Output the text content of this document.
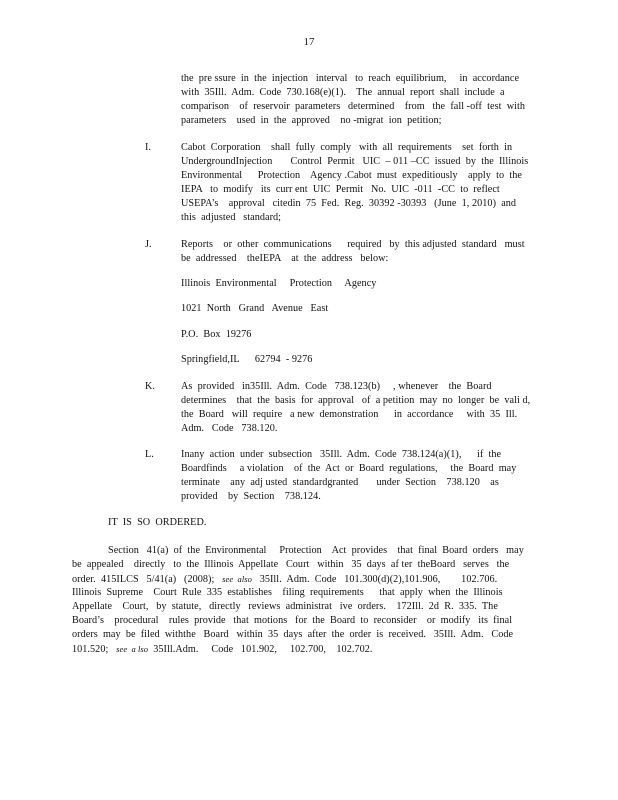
17
the  pre ssure  in  the  injection   interval   to  reach  equilibrium,     in  accordance
with  35Ill.  Adm.  Code  730.168(e)(1).    The  annual  report  shall  include  a
comparison    of  reservoir  parameters   determined    from   the  fall -off  test  with
parameters    used  in  the  approved    no -migrat  ion  petition;
I.	Cabot  Corporation    shall  fully  comply   with  all  requirements    set  forth  in
UndergroundInjection       Control  Permit   UIC  – 011 –CC  issued  by  the  Illinois
Environmental      Protection    Agency .Cabot  must  expeditiously    apply  to  the
IEPA   to  modify   its  curr ent  UIC  Permit   No.  UIC  -011  -CC  to  reflect
USEPA’s    approval   citedin  75  Fed.  Reg.  30392 -30393   (June  1, 2010)  and
this  adjusted   standard;
J.	Reports    or  other  communications      required   by  this adjusted  standard   must
be  addressed    theIEPA    at  the  address   below:
Illinois  Environmental     Protection     Agency
1021  North   Grand   Avenue   East
P.O.  Box  19276
Springfield,IL      62794  - 9276
K.	As  provided   in35Ill.  Adm.  Code   738.123(b)     , whenever    the  Board
determines    that  the  basis  for  approval   of  a petition  may  no  longer  be  vali d,
the  Board   will  require   a new  demonstration      in  accordance     with  35  Ill.
Adm.   Code   738.120.
L.	Inany  action  under  subsection   35Ill.  Adm.  Code  738.124(a)(1),      if  the
Boardfinds     a violation    of  the  Act  or  Board  regulations,     the  Board  may
terminate    any  adj usted  standardgranted       under  Section    738.120    as
provided    by  Section    738.124.
IT  IS  SO  ORDERED.
Section   41(a)  of  the  Environmental     Protection    Act  provides    that  final  Board  orders   may
be  appealed    directly   to  the  Illinois  Appellate   Court   within   35  days  af ter  theBoard   serves   the
order.  415ILCS   5/41(a)   (2008);   see  also   35Ill.  Adm.  Code   101.300(d)(2),101.906,        102.706.
Illinois  Supreme    Court  Rule  335  establishes    filing  requirements      that  apply  when  the  Illinois
Appellate    Court,   by  statute,   directly   reviews  administrat   ive  orders.    172Ill.  2d  R.  335.  The
Board’s    procedural    rules  provide   that  motions   for  the  Board  to  reconsider    or  modify   its  final
orders  may  be  filed  withthe   Board   within  35  days  after  the  order  is  received.   35Ill.  Adm.   Code
101.520;   see  a lso  35Ill.Adm.     Code   101.902,     102.700,    102.702.
